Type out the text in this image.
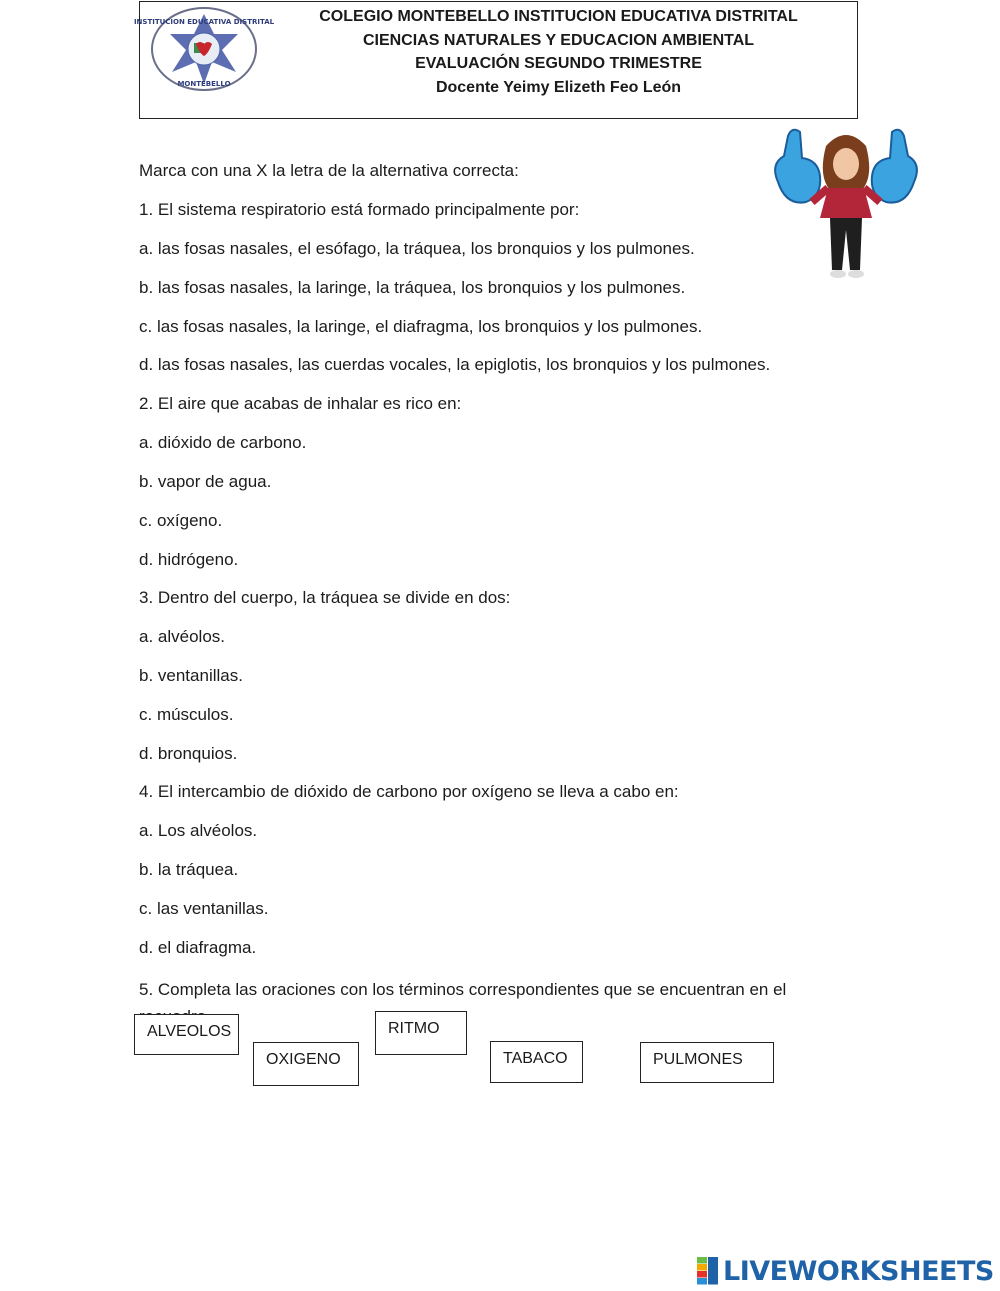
INSTITUCION EDUCATIVA DISTRITAL
MONTEBELLO
COLEGIO MONTEBELLO INSTITUCION EDUCATIVA DISTRITAL
CIENCIAS NATURALES Y EDUCACION AMBIENTAL
EVALUACIÓN SEGUNDO TRIMESTRE
Docente Yeimy Elizeth Feo León
Marca con una X la letra de la alternativa correcta:
1. El sistema respiratorio está formado principalmente por:
a. las fosas nasales, el esófago, la tráquea, los bronquios y los pulmones.
b. las fosas nasales, la laringe, la tráquea, los bronquios y los pulmones.
c. las fosas nasales, la laringe, el diafragma, los bronquios y los pulmones.
d. las fosas nasales, las cuerdas vocales, la epiglotis, los bronquios y los pulmones.
2. El aire que acabas de inhalar es rico en:
a. dióxido de carbono.
b. vapor de agua.
c. oxígeno.
d. hidrógeno.
3. Dentro del cuerpo, la tráquea se divide en dos:
a. alvéolos.
b. ventanillas.
c. músculos.
d. bronquios.
4. El intercambio de dióxido de carbono por oxígeno se lleva a cabo en:
a. Los alvéolos.
b. la tráquea.
c. las ventanillas.
d. el diafragma.
5. Completa las oraciones con los términos correspondientes que se encuentran en el
ALVEOLOS
OXIGENO
RITMO
TABACO	PULMONES
LIVEWORKSHEETS
